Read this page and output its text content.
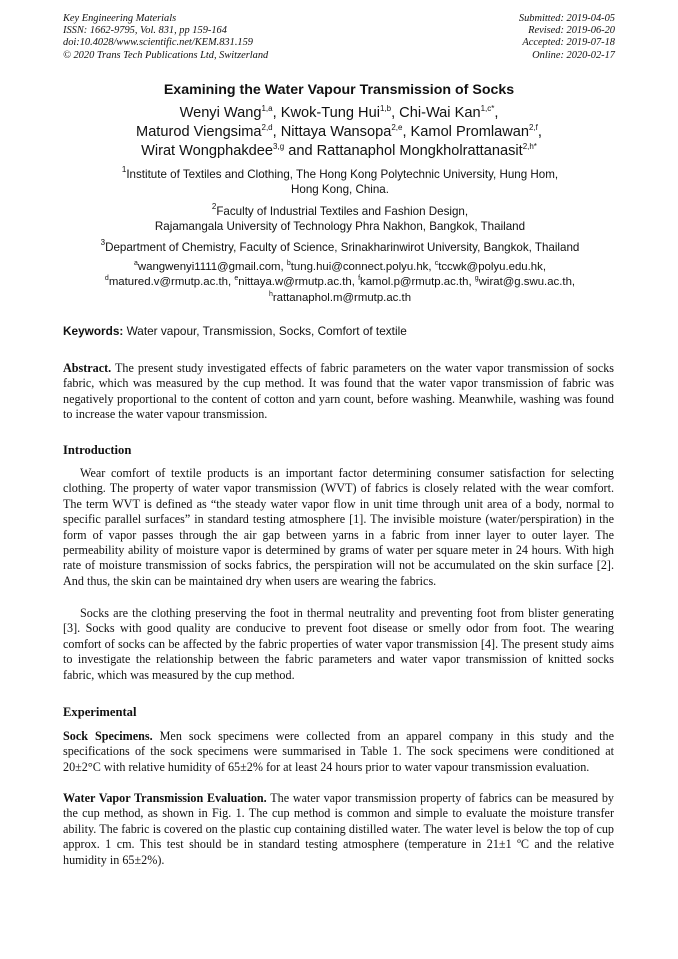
Key Engineering Materials
ISSN: 1662-9795, Vol. 831, pp 159-164
doi:10.4028/www.scientific.net/KEM.831.159
© 2020 Trans Tech Publications Ltd, Switzerland
Submitted: 2019-04-05
Revised: 2019-06-20
Accepted: 2019-07-18
Online: 2020-02-17
Examining the Water Vapour Transmission of Socks
Wenyi Wang$^{1,a}$, Kwok-Tung Hui$^{1,b}$, Chi-Wai Kan$^{1,c*}$,
Maturod Viengsima$^{2,d}$, Nittaya Wansopa$^{2,e}$, Kamol Promlawan$^{2,f}$,
Wirat Wongphakdee$^{3,g}$ and Rattanaphol Mongkholrattanasit$^{2,h*}$
$^1$Institute of Textiles and Clothing, The Hong Kong Polytechnic University, Hung Hom,
Hong Kong, China.
$^2$Faculty of Industrial Textiles and Fashion Design,
Rajamangala University of Technology Phra Nakhon, Bangkok, Thailand
$^3$Department of Chemistry, Faculty of Science, Srinakharinwirot University, Bangkok, Thailand
$^a$wangwenyi1111@gmail.com, $^b$tung.hui@connect.polyu.hk, $^c$tccwk@polyu.edu.hk,
$^d$matured.v@rmutp.ac.th, $^e$nittaya.w@rmutp.ac.th, $^f$kamol.p@rmutp.ac.th, $^g$wirat@g.swu.ac.th,
$^h$rattanaphol.m@rmutp.ac.th
Keywords: Water vapour, Transmission, Socks, Comfort of textile
Abstract. The present study investigated effects of fabric parameters on the water vapor transmission of socks fabric, which was measured by the cup method. It was found that the water vapor transmission of fabric was negatively proportional to the content of cotton and yarn count, before washing. Meanwhile, washing was found to increase the water vapour transmission.
Introduction
Wear comfort of textile products is an important factor determining consumer satisfaction for selecting clothing. The property of water vapor transmission (WVT) of fabrics is closely related with the wear comfort. The term WVT is defined as “the steady water vapor flow in unit time through unit area of a body, normal to specific parallel surfaces” in standard testing atmosphere [1]. The invisible moisture (water/perspiration) in the form of vapor passes through the air gap between yarns in a fabric from inner layer to outer layer. The permeability ability of moisture vapor is determined by grams of water per square meter in 24 hours. With high rate of moisture transmission of socks fabrics, the perspiration will not be accumulated on the skin surface [2]. And thus, the skin can be maintained dry when users are wearing the fabrics.
Socks are the clothing preserving the foot in thermal neutrality and preventing foot from blister generating [3]. Socks with good quality are conducive to prevent foot disease or smelly odor from foot. The wearing comfort of socks can be affected by the fabric properties of water vapor transmission [4]. The present study aims to investigate the relationship between the fabric parameters and water vapor transmission of knitted socks fabric, which was measured by the cup method.
Experimental
Sock Specimens. Men sock specimens were collected from an apparel company in this study and the specifications of the sock specimens were summarised in Table 1. The sock specimens were conditioned at 20±2°C with relative humidity of 65±2% for at least 24 hours prior to water vapour transmission evaluation.
Water Vapor Transmission Evaluation. The water vapor transmission property of fabrics can be measured by the cup method, as shown in Fig. 1. The cup method is common and simple to evaluate the moisture transfer ability. The fabric is covered on the plastic cup containing distilled water. The water level is below the top of cup approx. 1 cm. This test should be in standard testing atmosphere (temperature in 21±1 ºC and the relative humidity in 65±2%).
